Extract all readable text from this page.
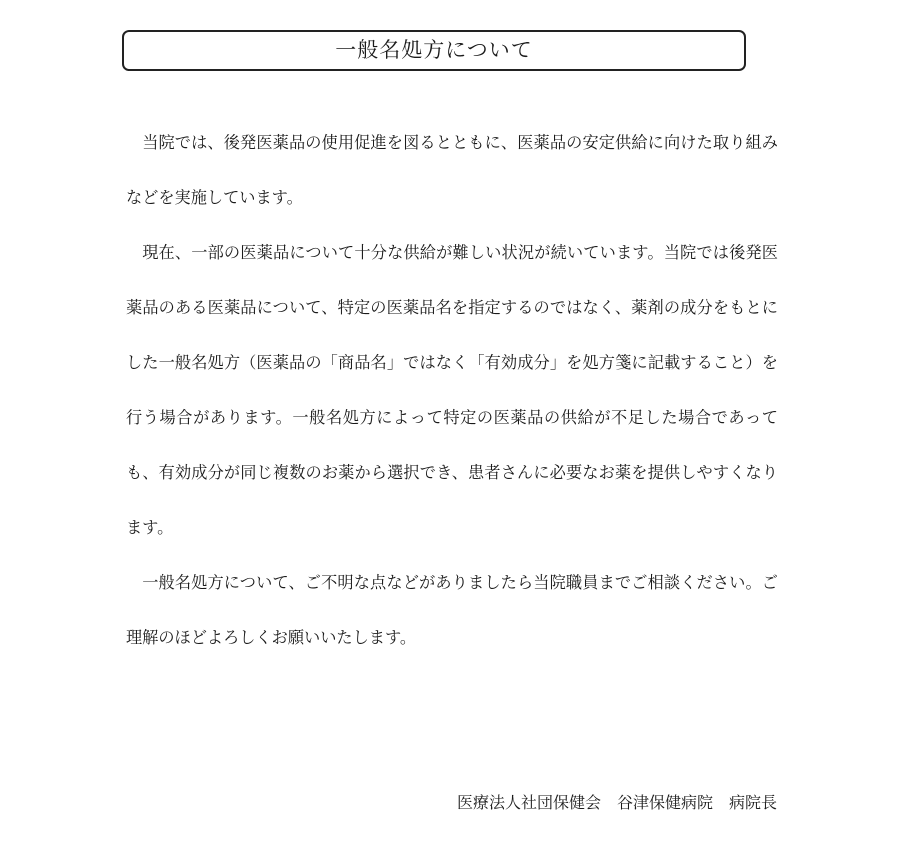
一般名処方について

当院では、後発医薬品の使用促進を図るとともに、医薬品の安定供給に向けた取り組みなどを実施しています。

現在、一部の医薬品について十分な供給が難しい状況が続いています。当院では後発医薬品のある医薬品について、特定の医薬品名を指定するのではなく、薬剤の成分をもとにした一般名処方（医薬品の「商品名」ではなく「有効成分」を処方箋に記載すること）を行う場合があります。一般名処方によって特定の医薬品の供給が不足した場合であっても、有効成分が同じ複数のお薬から選択でき、患者さんに必要なお薬を提供しやすくなります。

一般名処方について、ご不明な点などがありましたら当院職員までご相談ください。ご理解のほどよろしくお願いいたします。

医療法人社団保健会　谷津保健病院　病院長
